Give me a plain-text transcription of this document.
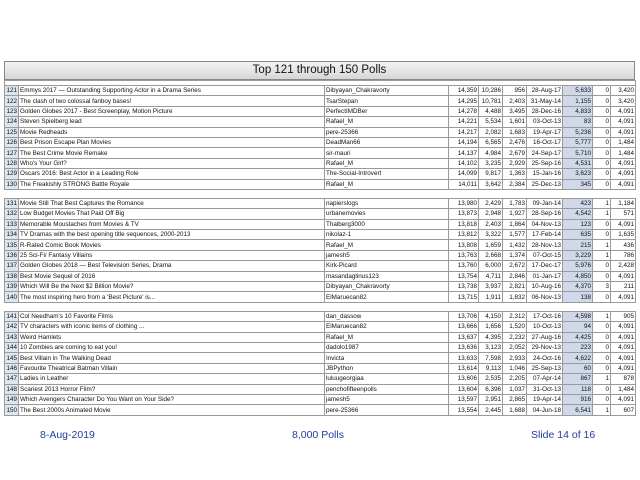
Top 121 through 150 Polls

121	Emmys 2017 — Outstanding Supporting Actor in a Drama Series	Dibyayan_Chakravorty	14,359	10,286	956	28-Aug-17	5,633	0	3,420
122	The clash of two colossal fanboy bases!	TsarStepan	14,295	10,781	2,403	31-May-14	1,155	0	3,420
123	Golden Globes 2017 - Best Screenplay, Motion Picture	PerfectIMDBer	14,278	4,488	3,495	28-Dec-16	4,833	0	4,091
124	Steven Spielberg lead	Rafael_M	14,221	5,534	1,601	03-Oct-13	83	0	4,091
125	Movie Redheads	pere-25366	14,217	2,082	1,683	19-Apr-17	5,236	0	4,091
126	Best Prison Escape Plan Movies	DeadMan66	14,194	6,565	2,476	16-Oct-17	5,777	0	1,484
127	The Best Crime Movie Remake	sir-mauri	14,137	4,984	2,679	24-Sep-17	5,710	0	1,484
128	Who's Your Girl?	Rafael_M	14,102	3,235	2,929	25-Sep-16	4,531	0	4,091
129	Oscars 2016: Best Actor in a Leading Role	The-Social-Introvert	14,099	9,817	1,363	15-Jan-16	3,623	0	4,091
130	The Freakishly STRONG Battle Royale	Rafael_M	14,011	3,642	2,384	25-Dec-13	345	0	4,091

131	Movie Still That Best Captures the Romance	napierslogs	13,980	2,429	1,783	09-Jan-14	423	1	1,184
132	Low Budget Movies That Paid Off Big	urbanemovies	13,873	2,948	1,927	28-Sep-16	4,542	1	571
133	Memorable Moustaches from Movies & TV	Thalberg3000	13,818	2,403	1,864	04-Nov-13	123	0	4,091
134	TV Dramas with the best opening title sequences, 2000-2013	nikolaz-1	13,812	3,322	1,577	17-Feb-14	635	0	1,635
135	R-Rated Comic Book Movies	Rafael_M	13,808	1,659	1,432	28-Nov-13	215	1	436
136	25 Sci-Fi/ Fantasy Villains	jamesh5	13,763	2,668	1,374	07-Oct-15	3,229	1	786
137	Golden Globes 2018 — Best Television Series, Drama	Kirk-Picard	13,760	6,000	2,672	17-Dec-17	5,976	0	2,428
138	Best Movie Sequel of 2016	masandaglinus123	13,754	4,711	2,846	01-Jan-17	4,850	0	4,091
139	Which Will Be the Next $2 Billion Movie?	Dibyayan_Chakravorty	13,738	3,937	2,821	10-Aug-16	4,370	3	211
140	The most inspiring hero from a 'Best Picture' is...	ElMaruecan82	13,715	1,911	1,832	06-Nov-13	138	0	4,091

141	Col Needham's 10 Favorite Films	dan_dassow	13,706	4,150	2,312	17-Oct-16	4,598	1	905
142	TV characters with iconic items of clothing ...	ElMaruecan82	13,666	1,656	1,520	10-Oct-13	94	0	4,091
143	Weird Hamlets	Rafael_M	13,637	4,395	2,232	27-Aug-16	4,425	0	4,091
144	10 Zombies are coming to eat you!	dadolo1987	13,636	3,123	2,052	29-Nov-13	223	0	4,091
145	Best Villain in The Walking Dead	Invicta	13,633	7,598	2,933	24-Oct-16	4,622	0	4,091
146	Favourite Theatrical Batman Villain	JBPython	13,614	9,113	1,046	25-Sep-13	60	0	4,091
147	Ladies in Leather	luluugeorgiaa	13,606	2,535	2,205	07-Apr-14	867	1	878
148	Scariest 2013 Horror Film?	penchofifteenpolls	13,604	6,396	1,037	31-Oct-13	118	0	1,484
149	Which Avengers Character Do You Want on Your Side?	jamesh5	13,597	2,951	2,865	19-Apr-14	916	0	4,091
150	The Best 2000s Animated Movie	pere-25366	13,554	2,445	1,688	04-Jun-18	6,541	1	607
8-Aug-2019	8,000 Polls	Slide 14 of 16
